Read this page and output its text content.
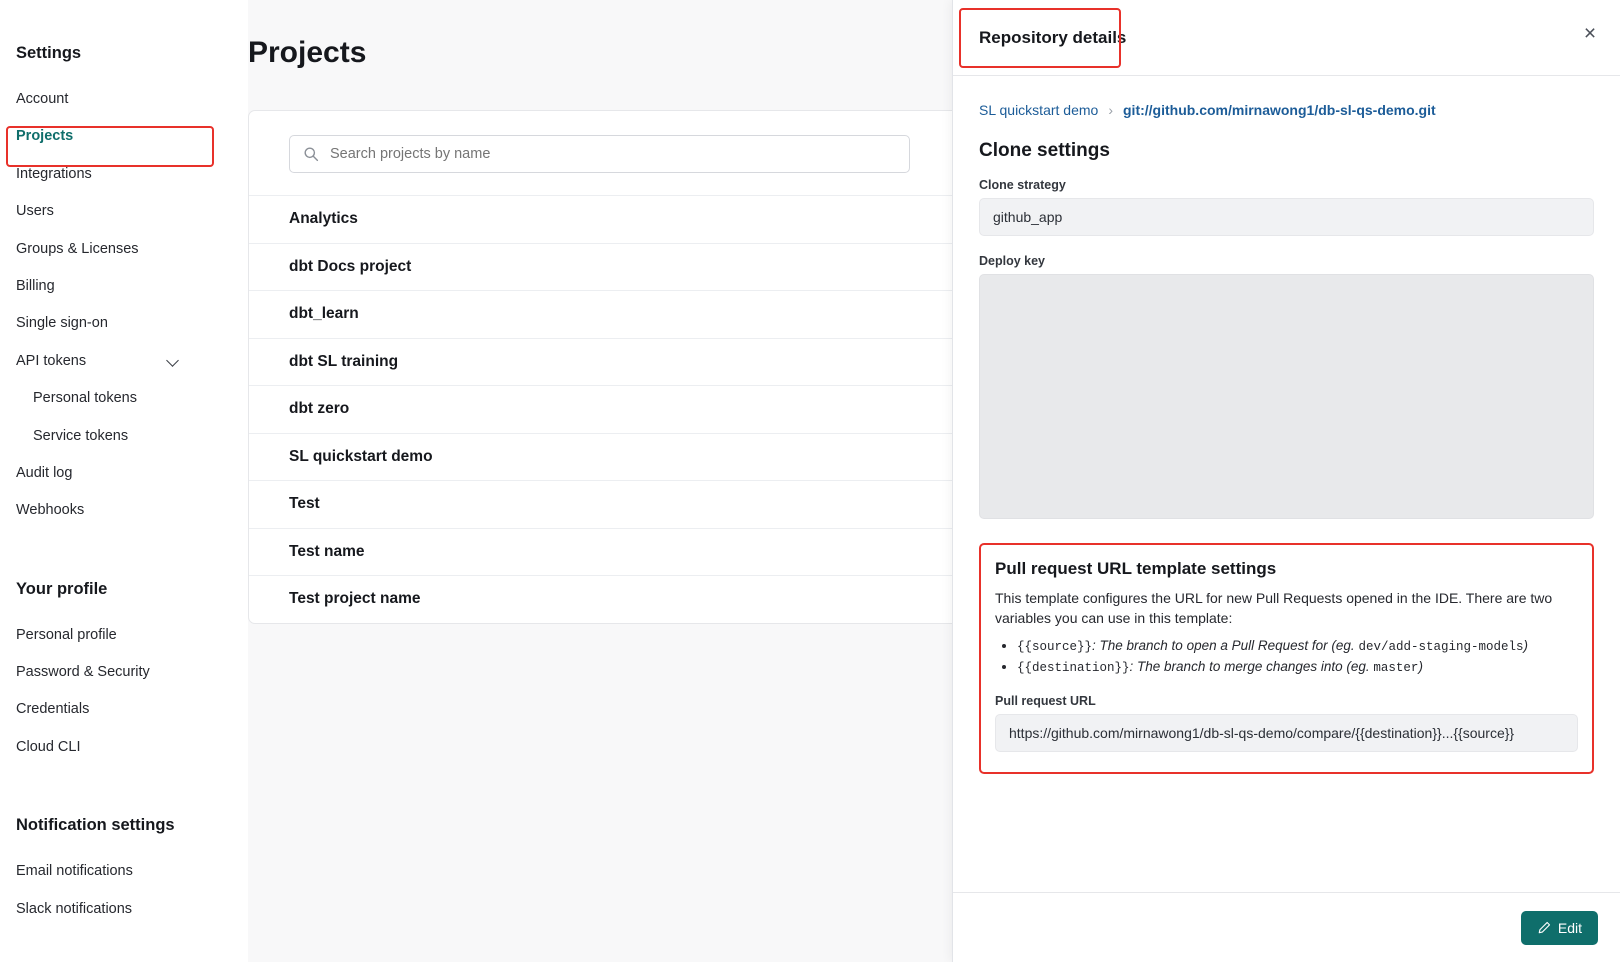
Settings
Account
Projects
Integrations
Users
Groups & Licenses
Billing
Single sign-on
API tokens
Personal tokens
Service tokens
Audit log
Webhooks
Your profile
Personal profile
Password & Security
Credentials
Cloud CLI
Notification settings
Email notifications
Slack notifications
Projects
Search projects by name
Analytics
dbt Docs project
dbt_learn
dbt SL training
dbt zero
SL quickstart demo
Test
Test name
Test project name
Repository details	×
SL quickstart demo › git://github.com/mirnawong1/db-sl-qs-demo.git
Clone settings
Clone strategy
github_app
Deploy key
Pull request URL template settings

This template configures the URL for new Pull Requests opened in the IDE. There are two variables you can use in this template:

• {{source}}: The branch to open a Pull Request for (eg. dev/add-staging-models)
• {{destination}}: The branch to merge changes into (eg. master)
Pull request URL
https://github.com/mirnawong1/db-sl-qs-demo/compare/{{destination}}...{{source}}
Edit
